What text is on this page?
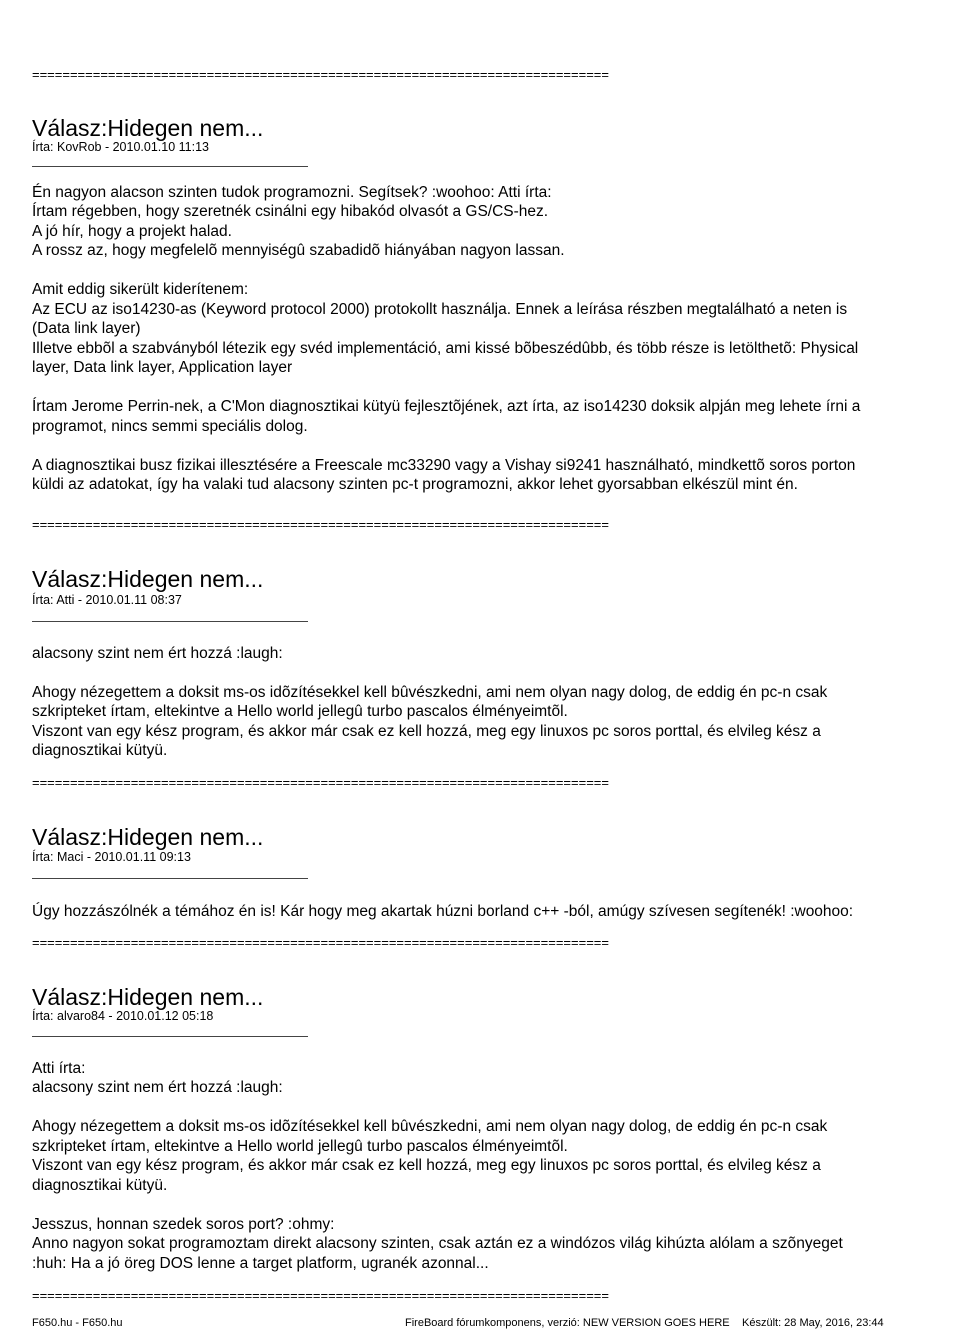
============================================================================
============================================================================
============================================================================
============================================================================
============================================================================
Válasz:Hidegen nem...
Írta: KovRob - 2010.01.10 11:13
Én nagyon alacson szinten tudok programozni. Segítsek? :woohoo: Atti írta:
Írtam régebben, hogy szeretnék csinálni egy hibakód olvasót a GS/CS-hez.
A jó hír, hogy a projekt halad.
A rossz az, hogy megfelelõ mennyiségû szabadidõ hiányában nagyon lassan.
Amit eddig sikerült kiderítenem:
Az ECU az iso14230-as (Keyword protocol 2000) protokollt használja. Ennek a leírása részben megtalálható a neten is
(Data link layer)
Illetve ebbõl a szabványból létezik egy svéd implementáció, ami kissé bõbeszédûbb, és több része is letölthetõ: Physical
layer, Data link layer, Application layer
Írtam Jerome Perrin-nek, a C'Mon diagnosztikai kütyü fejlesztõjének, azt írta, az iso14230 doksik alpján meg lehete írni a
programot, nincs semmi speciális dolog.
A diagnosztikai busz fizikai illesztésére a Freescale mc33290 vagy a Vishay si9241 használható, mindkettõ soros porton
küldi az adatokat, így ha valaki tud alacsony szinten pc-t programozni, akkor lehet gyorsabban elkészül mint én.
Válasz:Hidegen nem...
Írta: Atti - 2010.01.11 08:37
alacsony szint nem ért hozzá :laugh:
Ahogy nézegettem a doksit ms-os idõzítésekkel kell bûvészkedni, ami nem olyan nagy dolog, de eddig én pc-n csak
szkripteket írtam, eltekintve a Hello world jellegû turbo pascalos élményeimtõl.
Viszont van egy kész program, és akkor már csak ez kell hozzá, meg egy linuxos pc soros porttal, és elvileg kész a
diagnosztikai kütyü.
Válasz:Hidegen nem...
Írta: Maci - 2010.01.11 09:13
Úgy hozzászólnék a témához én is! Kár hogy meg akartak húzni borland c++ -ból, amúgy szívesen segítenék! :woohoo:
Válasz:Hidegen nem...
Írta: alvaro84 - 2010.01.12 05:18
Atti írta:
alacsony szint nem ért hozzá :laugh:
Ahogy nézegettem a doksit ms-os idõzítésekkel kell bûvészkedni, ami nem olyan nagy dolog, de eddig én pc-n csak
szkripteket írtam, eltekintve a Hello world jellegû turbo pascalos élményeimtõl.
Viszont van egy kész program, és akkor már csak ez kell hozzá, meg egy linuxos pc soros porttal, és elvileg kész a
diagnosztikai kütyü.
Jesszus, honnan szedek soros port? :ohmy:
Anno nagyon sokat programoztam direkt alacsony szinten, csak aztán ez a windózos világ kihúzta alólam a szõnyeget
:huh: Ha a jó öreg DOS lenne a target platform, ugranék azonnal...
F650.hu - F650.hu	FireBoard fórumkomponens, verzió: NEW VERSION GOES HERE Készült: 28 May, 2016, 23:44
